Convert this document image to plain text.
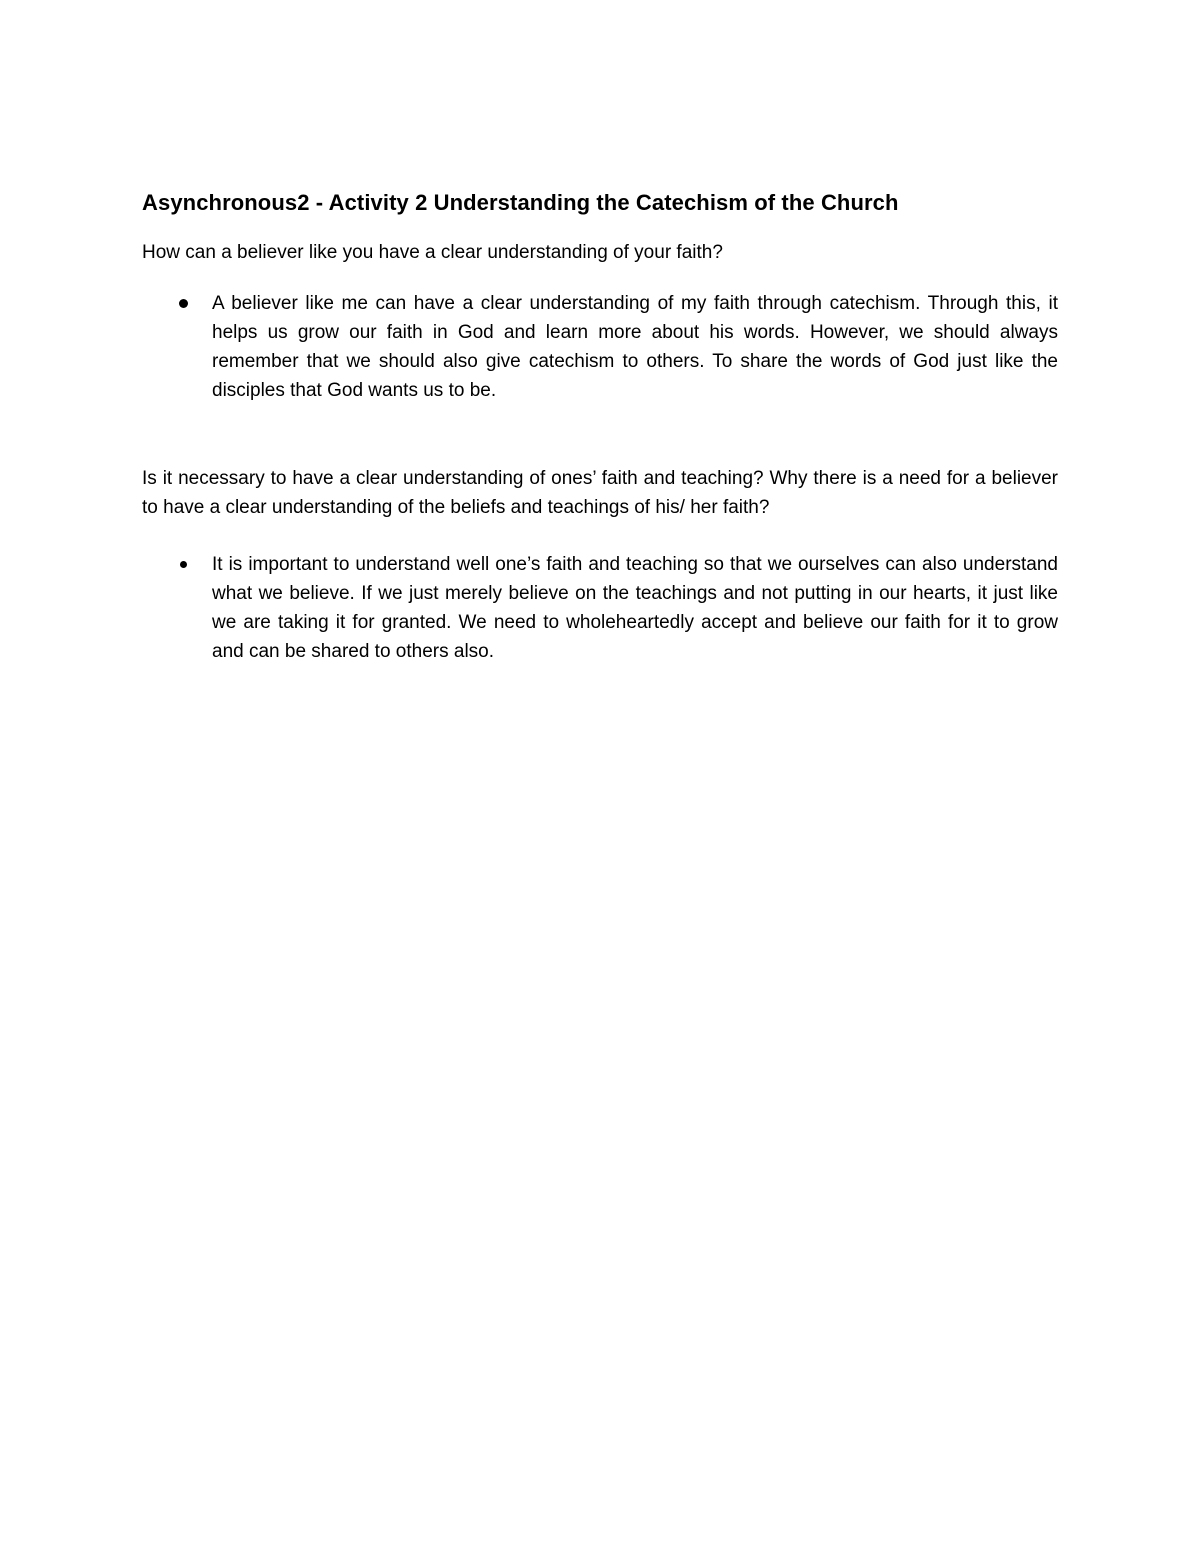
Asynchronous2 - Activity 2 Understanding the Catechism of the Church

How can a believer like you have a clear understanding of your faith?

A believer like me can have a clear understanding of my faith through catechism. Through this, it helps us grow our faith in God and learn more about his words. However, we should always remember that we should also give catechism to others. To share the words of God just like the disciples that God wants us to be.

Is it necessary to have a clear understanding of ones’ faith and teaching? Why there is a need for a believer to have a clear understanding of the beliefs and teachings of his/ her faith?

It is important to understand well one’s faith and teaching so that we ourselves can also understand what we believe. If we just merely believe on the teachings and not putting in our hearts, it just like we are taking it for granted. We need to wholeheartedly accept and believe our faith for it to grow and can be shared to others also.
